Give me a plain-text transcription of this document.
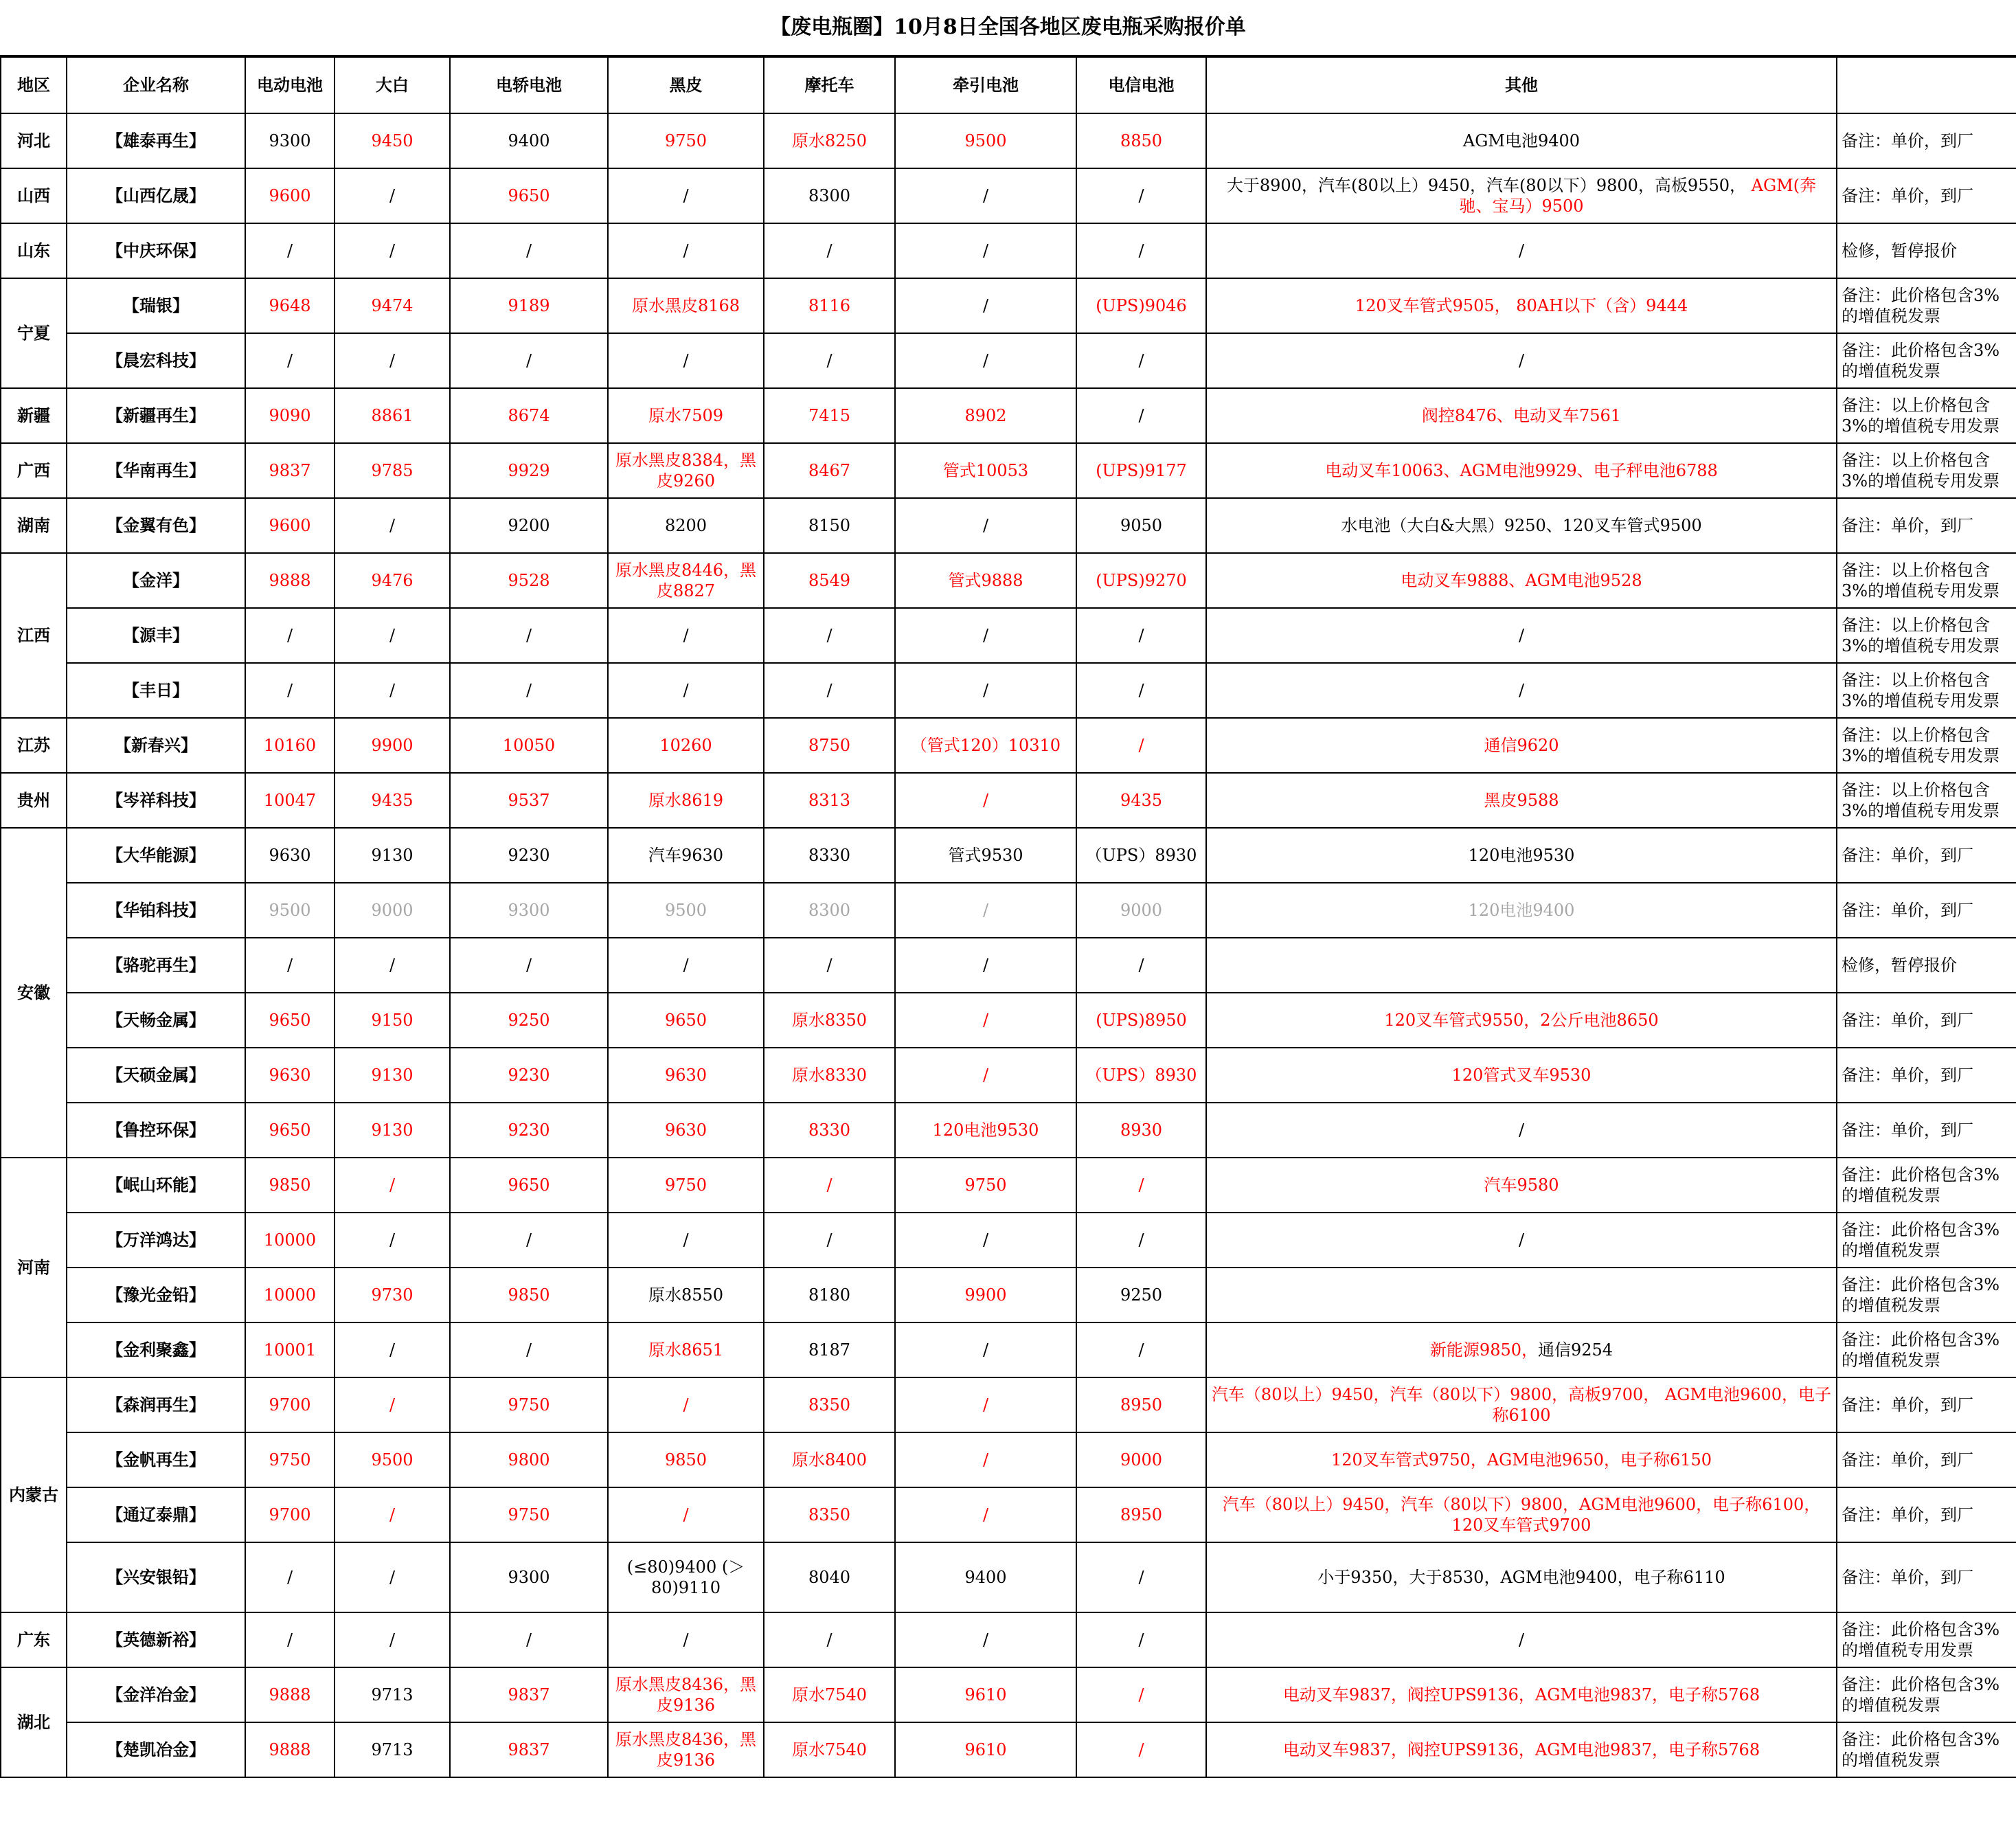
【废电瓶圈】10月8日全国各地区废电瓶采购报价单
地区	企业名称	电动电池	大白	电轿电池	黑皮	摩托车	牵引电池	电信电池	其他	
河北	【雄泰再生】	9300	9450	9400	9750	原水8250	9500	8850	AGM电池9400	备注：单价，到厂
山西	【山西亿晟】	9600	/	9650	/	8300	/	/	大于8900，汽车(80以上）9450，汽车(80以下）9800，高板9550， AGM(奔驰、宝马）9500	备注：单价，到厂
山东	【中庆环保】	/	/	/	/	/	/	/	/	检修，暂停报价
宁夏	【瑞银】	9648	9474	9189	原水黑皮8168	8116	/	(UPS)9046	120叉车管式9505， 80AH以下（含）9444	备注：此价格包含3%的增值税发票
	【晨宏科技】	/	/	/	/	/	/	/	/	备注：此价格包含3%的增值税发票
新疆	【新疆再生】	9090	8861	8674	原水7509	7415	8902	/	阀控8476、电动叉车7561	备注：以上价格包含3%的增值税专用发票
广西	【华南再生】	9837	9785	9929	原水黑皮8384，黑皮9260	8467	管式10053	(UPS)9177	电动叉车10063、AGM电池9929、电子秤电池6788	备注：以上价格包含3%的增值税专用发票
湖南	【金翼有色】	9600	/	9200	8200	8150	/	9050	水电池（大白&大黑）9250、120叉车管式9500	备注：单价，到厂
江西	【金洋】	9888	9476	9528	原水黑皮8446，黑皮8827	8549	管式9888	(UPS)9270	电动叉车9888、AGM电池9528	备注：以上价格包含3%的增值税专用发票
	【源丰】	/	/	/	/	/	/	/	/	备注：以上价格包含3%的增值税专用发票
	【丰日】	/	/	/	/	/	/	/	/	备注：以上价格包含3%的增值税专用发票
江苏	【新春兴】	10160	9900	10050	10260	8750	（管式120）10310	/	通信9620	备注：以上价格包含3%的增值税专用发票
贵州	【岑祥科技】	10047	9435	9537	原水8619	8313	/	9435	黑皮9588	备注：以上价格包含3%的增值税专用发票
安徽	【大华能源】	9630	9130	9230	汽车9630	8330	管式9530	（UPS）8930	120电池9530	备注：单价，到厂
	【华铂科技】	9500	9000	9300	9500	8300	/	9000	120电池9400	备注：单价，到厂
	【骆驼再生】	/	/	/	/	/	/	/		检修，暂停报价
	【天畅金属】	9650	9150	9250	9650	原水8350	/	(UPS)8950	120叉车管式9550，2公斤电池8650	备注：单价，到厂
	【天硕金属】	9630	9130	9230	9630	原水8330	/	（UPS）8930	120管式叉车9530	备注：单价，到厂
	【鲁控环保】	9650	9130	9230	9630	8330	120电池9530	8930	/	备注：单价，到厂
河南	【岷山环能】	9850	/	9650	9750	/	9750	/	汽车9580	备注：此价格包含3%的增值税发票
	【万洋鸿达】	10000	/	/	/	/	/	/	/	备注：此价格包含3%的增值税发票
	【豫光金铅】	10000	9730	9850	原水8550	8180	9900	9250		备注：此价格包含3%的增值税发票
	【金利聚鑫】	10001	/	/	原水8651	8187	/	/	新能源9850，通信9254	备注：此价格包含3%的增值税发票
内蒙古	【森润再生】	9700	/	9750	/	8350	/	8950	汽车（80以上）9450，汽车（80以下）9800，高板9700， AGM电池9600，电子称6100	备注：单价，到厂
	【金帆再生】	9750	9500	9800	9850	原水8400	/	9000	120叉车管式9750，AGM电池9650，电子称6150	备注：单价，到厂
	【通辽泰鼎】	9700	/	9750	/	8350	/	8950	汽车（80以上）9450，汽车（80以下）9800，AGM电池9600，电子称6100， 120叉车管式9700	备注：单价，到厂
	【兴安银铅】	/	/	9300	(≤80)9400 (＞80)9110	8040	9400	/	小于9350，大于8530，AGM电池9400，电子称6110	备注：单价，到厂
广东	【英德新裕】	/	/	/	/	/	/	/	/	备注：此价格包含3%的增值税专用发票
湖北	【金洋冶金】	9888	9713	9837	原水黑皮8436，黑皮9136	原水7540	9610	/	电动叉车9837，阀控UPS9136，AGM电池9837，电子称5768	备注：此价格包含3%的增值税发票
	【楚凯冶金】	9888	9713	9837	原水黑皮8436，黑皮9136	原水7540	9610	/	电动叉车9837，阀控UPS9136，AGM电池9837，电子称5768	备注：此价格包含3%的增值税发票
